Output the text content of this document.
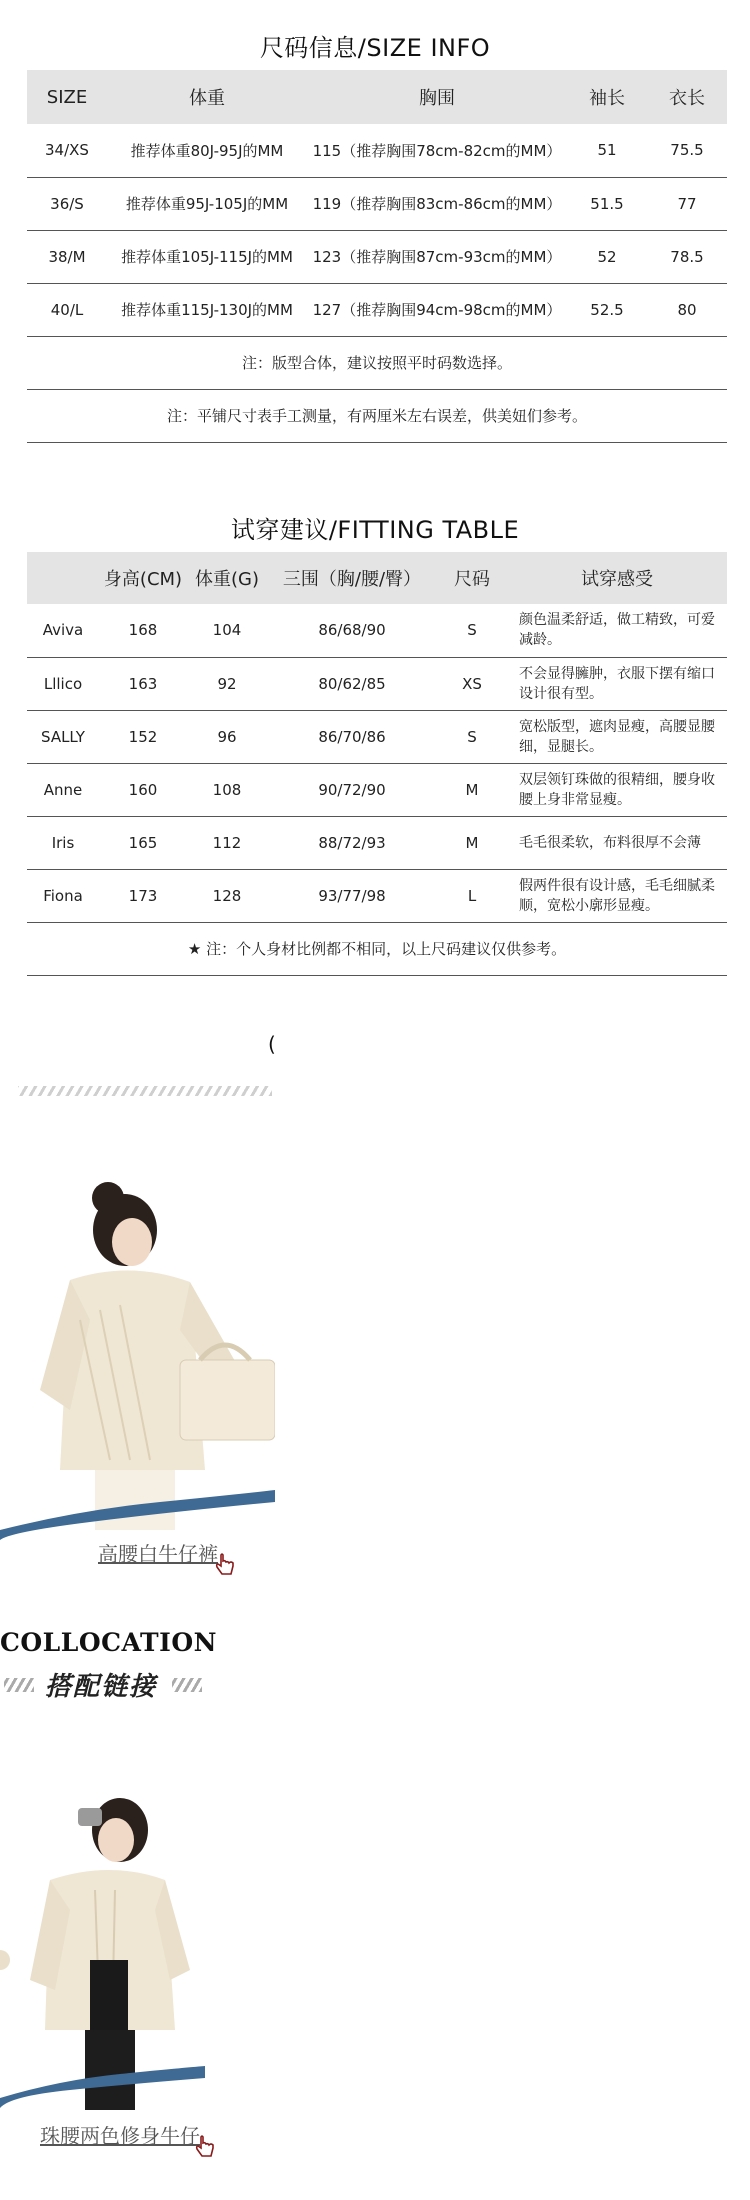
尺码信息/SIZE INFO
SIZE	体重	胸围	袖长	衣长
34/XS	推荐体重80J-95J的MM	115（推荐胸围78cm-82cm的MM）	51	75.5
36/S	推荐体重95J-105J的MM	119（推荐胸围83cm-86cm的MM）	51.5	77
38/M	推荐体重105J-115J的MM	123（推荐胸围87cm-93cm的MM）	52	78.5
40/L	推荐体重115J-130J的MM	127（推荐胸围94cm-98cm的MM）	52.5	80
注：版型合体，建议按照平时码数选择。				
注：平铺尺寸表手工测量，有两厘米左右误差，供美妞们参考。				
试穿建议/FITTING TABLE
	身高(CM)	体重(G)	三围（胸/腰/臀）	尺码	试穿感受
Aviva	168	104	86/68/90	S	颜色温柔舒适，做工精致，可爱减龄。
Lllico	163	92	80/62/85	XS	不会显得臃肿，衣服下摆有缩口设计很有型。
SALLY	152	96	86/70/86	S	宽松版型，遮肉显瘦，高腰显腰细，显腿长。
Anne	160	108	90/72/90	M	双层领钉珠做的很精细，腰身收腰上身非常显瘦。
Iris	165	112	88/72/93	M	毛毛很柔软，布料很厚不会薄
Fiona	173	128	93/77/98	L	假两件很有设计感，毛毛细腻柔顺，宽松小廓形显瘦。
★ 注：个人身材比例都不相同，以上尺码建议仅供参考。					
(
高腰白牛仔裤
COLLOCATION
搭配链接
珠腰两色修身牛仔
